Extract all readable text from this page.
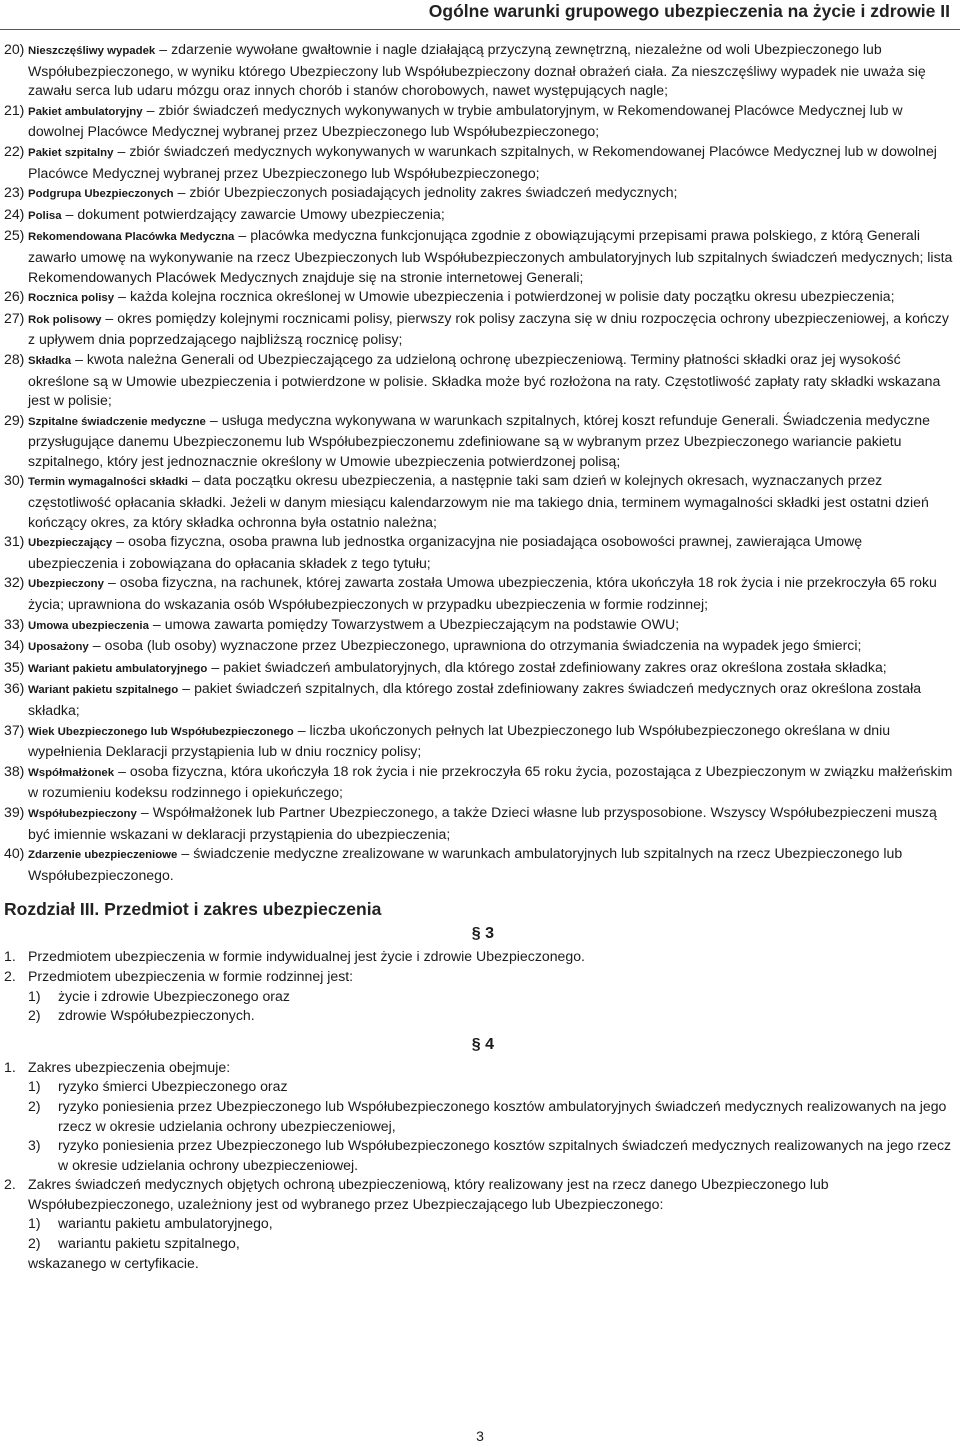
Ogólne warunki grupowego ubezpieczenia na życie i zdrowie II
20) Nieszczęśliwy wypadek – zdarzenie wywołane gwałtownie i nagle działającą przyczyną zewnętrzną, niezależne od woli Ubezpieczonego lub Współubezpieczonego, w wyniku którego Ubezpieczony lub Współubezpieczony doznał obrażeń ciała. Za nieszczęśliwy wypadek nie uważa się zawału serca lub udaru mózgu oraz innych chorób i stanów chorobowych, nawet występujących nagle;
21) Pakiet ambulatoryjny – zbiór świadczeń medycznych wykonywanych w trybie ambulatoryjnym, w Rekomendowanej Placówce Medycznej lub w dowolnej Placówce Medycznej wybranej przez Ubezpieczonego lub Współubezpieczonego;
22) Pakiet szpitalny – zbiór świadczeń medycznych wykonywanych w warunkach szpitalnych, w Rekomendowanej Placówce Medycznej lub w dowolnej Placówce Medycznej wybranej przez Ubezpieczonego lub Współubezpieczonego;
23) Podgrupa Ubezpieczonych – zbiór Ubezpieczonych posiadających jednolity zakres świadczeń medycznych;
24) Polisa – dokument potwierdzający zawarcie Umowy ubezpieczenia;
25) Rekomendowana Placówka Medyczna – placówka medyczna funkcjonująca zgodnie z obowiązującymi przepisami prawa polskiego, z którą Generali zawarło umowę na wykonywanie na rzecz Ubezpieczonych lub Współubezpieczonych ambulatoryjnych lub szpitalnych świadczeń medycznych; lista Rekomendowanych Placówek Medycznych znajduje się na stronie internetowej Generali;
26) Rocznica polisy – każda kolejna rocznica określonej w Umowie ubezpieczenia i potwierdzonej w polisie daty początku okresu ubezpieczenia;
27) Rok polisowy – okres pomiędzy kolejnymi rocznicami polisy, pierwszy rok polisy zaczyna się w dniu rozpoczęcia ochrony ubezpieczeniowej, a kończy z upływem dnia poprzedzającego najbliższą rocznicę polisy;
28) Składka – kwota należna Generali od Ubezpieczającego za udzieloną ochronę ubezpieczeniową. Terminy płatności składki oraz jej wysokość określone są w Umowie ubezpieczenia i potwierdzone w polisie. Składka może być rozłożona na raty. Częstotliwość zapłaty raty składki wskazana jest w polisie;
29) Szpitalne świadczenie medyczne – usługa medyczna wykonywana w warunkach szpitalnych, której koszt refunduje Generali. Świadczenia medyczne przysługujące danemu Ubezpieczonemu lub Współubezpieczonemu zdefiniowane są w wybranym przez Ubezpieczonego wariancie pakietu szpitalnego, który jest jednoznacznie określony w Umowie ubezpieczenia potwierdzonej polisą;
30) Termin wymagalności składki – data początku okresu ubezpieczenia, a następnie taki sam dzień w kolejnych okresach, wyznaczanych przez częstotliwość opłacania składki. Jeżeli w danym miesiącu kalendarzowym nie ma takiego dnia, terminem wymagalności składki jest ostatni dzień kończący okres, za który składka ochronna była ostatnio należna;
31) Ubezpieczający – osoba fizyczna, osoba prawna lub jednostka organizacyjna nie posiadająca osobowości prawnej, zawierająca Umowę ubezpieczenia i zobowiązana do opłacania składek z tego tytułu;
32) Ubezpieczony – osoba fizyczna, na rachunek, której zawarta została Umowa ubezpieczenia, która ukończyła 18 rok życia i nie przekroczyła 65 roku życia; uprawniona do wskazania osób Współubezpieczonych w przypadku ubezpieczenia w formie rodzinnej;
33) Umowa ubezpieczenia – umowa zawarta pomiędzy Towarzystwem a Ubezpieczającym na podstawie OWU;
34) Uposażony – osoba (lub osoby) wyznaczone przez Ubezpieczonego, uprawniona do otrzymania świadczenia na wypadek jego śmierci;
35) Wariant pakietu ambulatoryjnego – pakiet świadczeń ambulatoryjnych, dla którego został zdefiniowany zakres oraz określona została składka;
36) Wariant pakietu szpitalnego – pakiet świadczeń szpitalnych, dla którego został zdefiniowany zakres świadczeń medycznych oraz określona została składka;
37) Wiek Ubezpieczonego lub Współubezpieczonego – liczba ukończonych pełnych lat Ubezpieczonego lub Współubezpieczonego określana w dniu wypełnienia Deklaracji przystąpienia lub w dniu rocznicy polisy;
38) Współmałżonek – osoba fizyczna, która ukończyła 18 rok życia i nie przekroczyła 65 roku życia, pozostająca z Ubezpieczonym w związku małżeńskim w rozumieniu kodeksu rodzinnego i opiekuńczego;
39) Współubezpieczony – Współmałżonek lub Partner Ubezpieczonego, a także Dzieci własne lub przysposobione. Wszyscy Współubezpieczeni muszą być imiennie wskazani w deklaracji przystąpienia do ubezpieczenia;
40) Zdarzenie ubezpieczeniowe – świadczenie medyczne zrealizowane w warunkach ambulatoryjnych lub szpitalnych na rzecz Ubezpieczonego lub Współubezpieczonego.
Rozdział III. Przedmiot i zakres ubezpieczenia
§ 3
1. Przedmiotem ubezpieczenia w formie indywidualnej jest życie i zdrowie Ubezpieczonego.
2. Przedmiotem ubezpieczenia w formie rodzinnej jest:
1) życie i zdrowie Ubezpieczonego oraz
2) zdrowie Współubezpieczonych.
§ 4
1. Zakres ubezpieczenia obejmuje:
1) ryzyko śmierci Ubezpieczonego oraz
2) ryzyko poniesienia przez Ubezpieczonego lub Współubezpieczonego kosztów ambulatoryjnych świadczeń medycznych realizowanych na jego rzecz w okresie udzielania ochrony ubezpieczeniowej,
3) ryzyko poniesienia przez Ubezpieczonego lub Współubezpieczonego kosztów szpitalnych świadczeń medycznych realizowanych na jego rzecz w okresie udzielania ochrony ubezpieczeniowej.
2. Zakres świadczeń medycznych objętych ochroną ubezpieczeniową, który realizowany jest na rzecz danego Ubezpieczonego lub Współubezpieczonego, uzależniony jest od wybranego przez Ubezpieczającego lub Ubezpieczonego:
1) wariantu pakietu ambulatoryjnego,
2) wariantu pakietu szpitalnego,
wskazanego w certyfikacie.
3
